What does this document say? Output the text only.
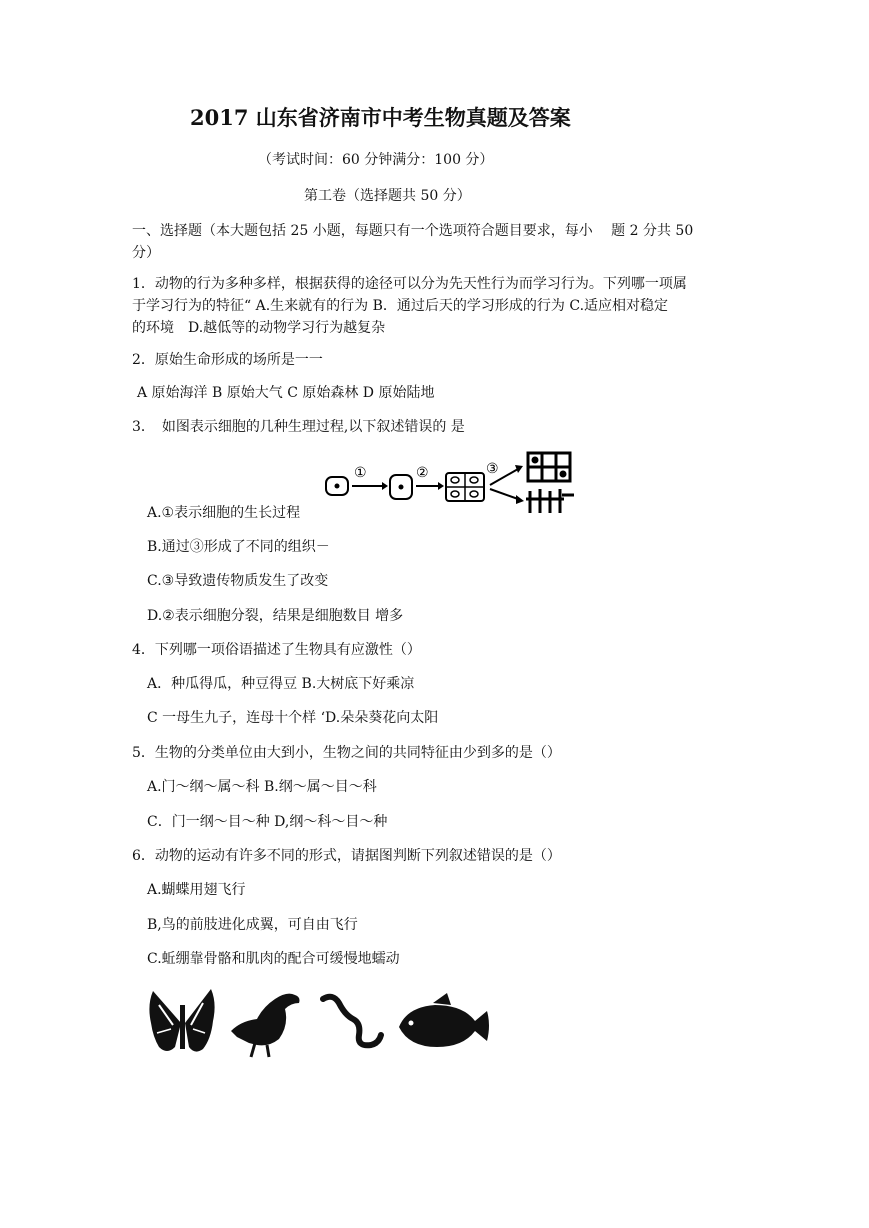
2017 山东省济南市中考生物真题及答案
（考试时间：60 分钟满分：100 分）
第工卷（选择题共 50 分）
一、选择题（本大题包括 25 小题，每题只有一个选项符合题目要求，每小　 题 2 分共 50
分）
1．动物的行为多种多样，根据获得的途径可以分为先天性行为而学习行为。下列哪一项属
于学习行为的特征“ A.生来就有的行为 B．通过后天的学习形成的行为 C.适应相对稳定
的环境　D.越低等的动物学习行为越复杂
2．原始生命形成的场所是一一
A 原始海洋 B 原始大气 C 原始森林 D 原始陆地
3．　如图表示细胞的几种生理过程,以下叙述错误的 是
①	②	③
A.①表示细胞的生长过程
B.通过③形成了不同的组织－
C.③导致遗传物质发生了改变
D.②表示细胞分裂，结果是细胞数目 增多
4．下列哪一项俗语描述了生物具有应激性（）
A．种瓜得瓜，种豆得豆 B.大树底下好乘凉
C 一母生九子，连母十个样 ‘D.朵朵葵花向太阳
5．生物的分类单位由大到小，生物之间的共同特征由少到多的是（）
A.门～纲～属～科 B.纲～属～目～科
C．门一纲～目～种 D,纲～科～目～种
6．动物的运动有许多不同的形式，请据图判断下列叙述错误的是（）
A.蝴蝶用翅飞行
B,鸟的前肢进化成翼，可自由飞行
C.蚯绷靠骨骼和肌肉的配合可缓慢地蠕动
